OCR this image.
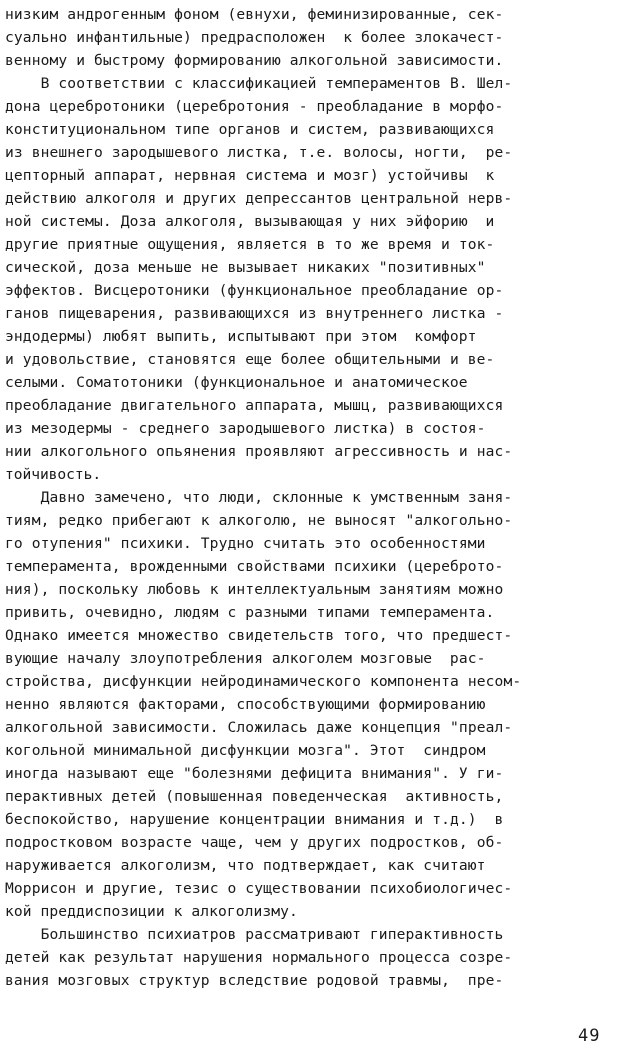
низким андрогенным фоном (евнухи, феминизированные, сек-
суально инфантильные) предрасположен  к более злокачест-
венному и быстрому формированию алкогольной зависимости.
В соответствии с классификацией темпераментов В. Шел-
дона церебротоники (церебротония - преобладание в морфо-
конституциональном типе органов и систем, развивающихся
из внешнего зародышевого листка, т.е. волосы, ногти,  ре-
цепторный аппарат, нервная система и мозг) устойчивы  к
действию алкоголя и других депрессантов центральной нерв-
ной системы. Доза алкоголя, вызывающая у них эйфорию  и
другие приятные ощущения, является в то же время и ток-
сической, доза меньше не вызывает никаких "позитивных"
эффектов. Висцеротоники (функциональное преобладание ор-
ганов пищеварения, развивающихся из внутреннего листка -
эндодермы) любят выпить, испытывают при этом  комфорт
и удовольствие, становятся еще более общительными и ве-
селыми. Соматотоники (функциональное и анатомическое
преобладание двигательного аппарата, мышц, развивающихся
из мезодермы - среднего зародышевого листка) в состоя-
нии алкогольного опьянения проявляют агрессивность и нас-
тойчивость.
Давно замечено, что люди, склонные к умственным заня-
тиям, редко прибегают к алкоголю, не выносят "алкогольно-
го отупения" психики. Трудно считать это особенностями
темперамента, врожденными свойствами психики (цереброто-
ния), поскольку любовь к интеллектуальным занятиям можно
привить, очевидно, людям с разными типами темперамента.
Однако имеется множество свидетельств того, что предшест-
вующие началу злоупотребления алкоголем мозговые  рас-
стройства, дисфункции нейродинамического компонента несом-
ненно являются факторами, способствующими формированию
алкогольной зависимости. Сложилась даже концепция "преал-
когольной минимальной дисфункции мозга". Этот  синдром
иногда называют еще "болезнями дефицита внимания". У ги-
перактивных детей (повышенная поведенческая  активность,
беспокойство, нарушение концентрации внимания и т.д.)  в
подростковом возрасте чаще, чем у других подростков, об-
наруживается алкоголизм, что подтверждает, как считают
Моррисон и другие, тезис о существовании психобиологичес-
кой преддиспозиции к алкоголизму.
Большинство психиатров рассматривают гиперактивность
детей как результат нарушения нормального процесса созре-
вания мозговых структур вследствие родовой травмы,  пре-
49
